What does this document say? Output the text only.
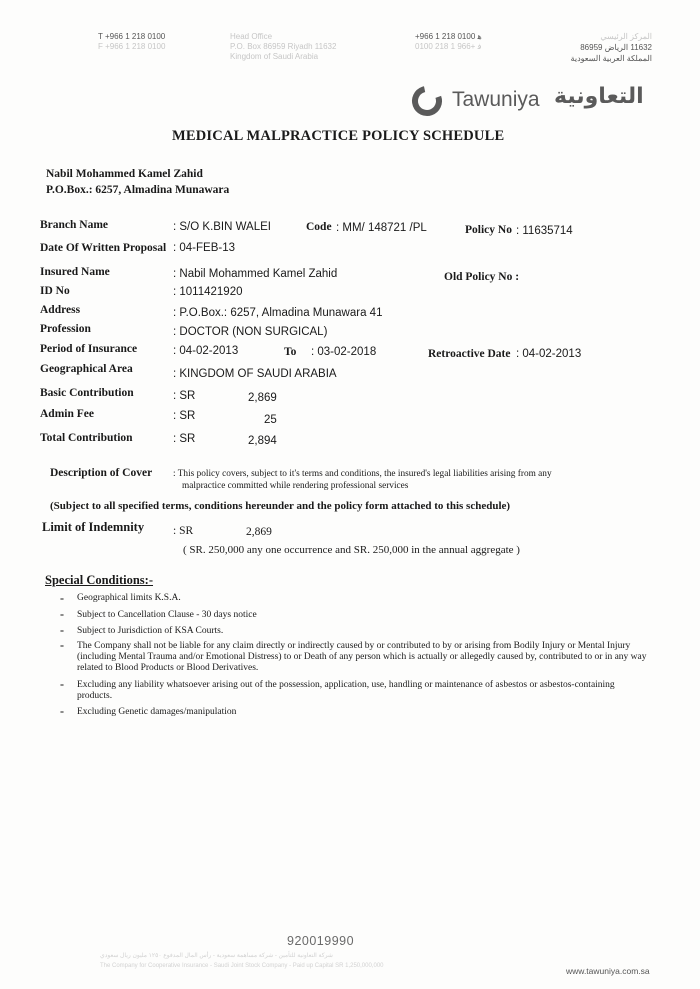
T +966 1 218 0100
F +966 1 218 0100
Head Office
P.O. Box 86959 Riyadh 11632
Kingdom of Saudi Arabia
+966 1 218 0100 ﻫ
ﻓ +966 1 218 0100
المركز الرئيسي
11632 الرياض 86959
المملكة العربية السعودية
Tawuniya التعاونية
MEDICAL MALPRACTICE POLICY SCHEDULE
Nabil Mohammed Kamel Zahid
P.O.Box.: 6257, Almadina Munawara
Branch Name	: S/O K.BIN WALEI	Code : MM/ 148721 /PL	Policy No : 11635714
Date Of Written Proposal : 04-FEB-13
Insured Name	: Nabil Mohammed Kamel Zahid	Old Policy No :
ID No	: 1011421920
Address	: P.O.Box.: 6257, Almadina Munawara 41
Profession	: DOCTOR (NON SURGICAL)
Period of Insurance	: 04-02-2013	To : 03-02-2018	Retroactive Date : 04-02-2013
Geographical Area	: KINGDOM OF SAUDI ARABIA
Basic Contribution	: SR	2,869
Admin Fee	: SR	25
Total Contribution	: SR	2,894
Description of Cover : This policy covers, subject to it's terms and conditions, the insured's legal liabilities arising from any
malpractice committed while rendering professional services
(Subject to all specified terms, conditions hereunder and the policy form attached to this schedule)
Limit of Indemnity	: SR	2,869
( SR. 250,000 any one occurrence and SR. 250,000 in the annual aggregate )
Special Conditions:-
- Geographical limits K.S.A.
- Subject to Cancellation Clause - 30 days notice
- Subject to Jurisdiction of KSA Courts.
- The Company shall not be liable for any claim directly or indirectly caused by or contributed to by or arising from Bodily Injury or Mental Injury (including Mental Trauma and/or Emotional Distress) to or Death of any person which is actually or allegedly caused by, contributed to or in any way related to Blood Products or Blood Derivatives.
- Excluding any liability whatsoever arising out of the possession, application, use, handling or maintenance of asbestos or asbestos-containing products.
- Excluding Genetic damages/manipulation
920019990
شركة التعاونية للتأمين - شركة مساهمة سعودية - رأس المال المدفوع ١٢٥٠ مليون ريال سعودي
The Company for Cooperative Insurance - Saudi Joint Stock Company - Paid up Capital SR 1,250,000,000	www.tawuniya.com.sa
